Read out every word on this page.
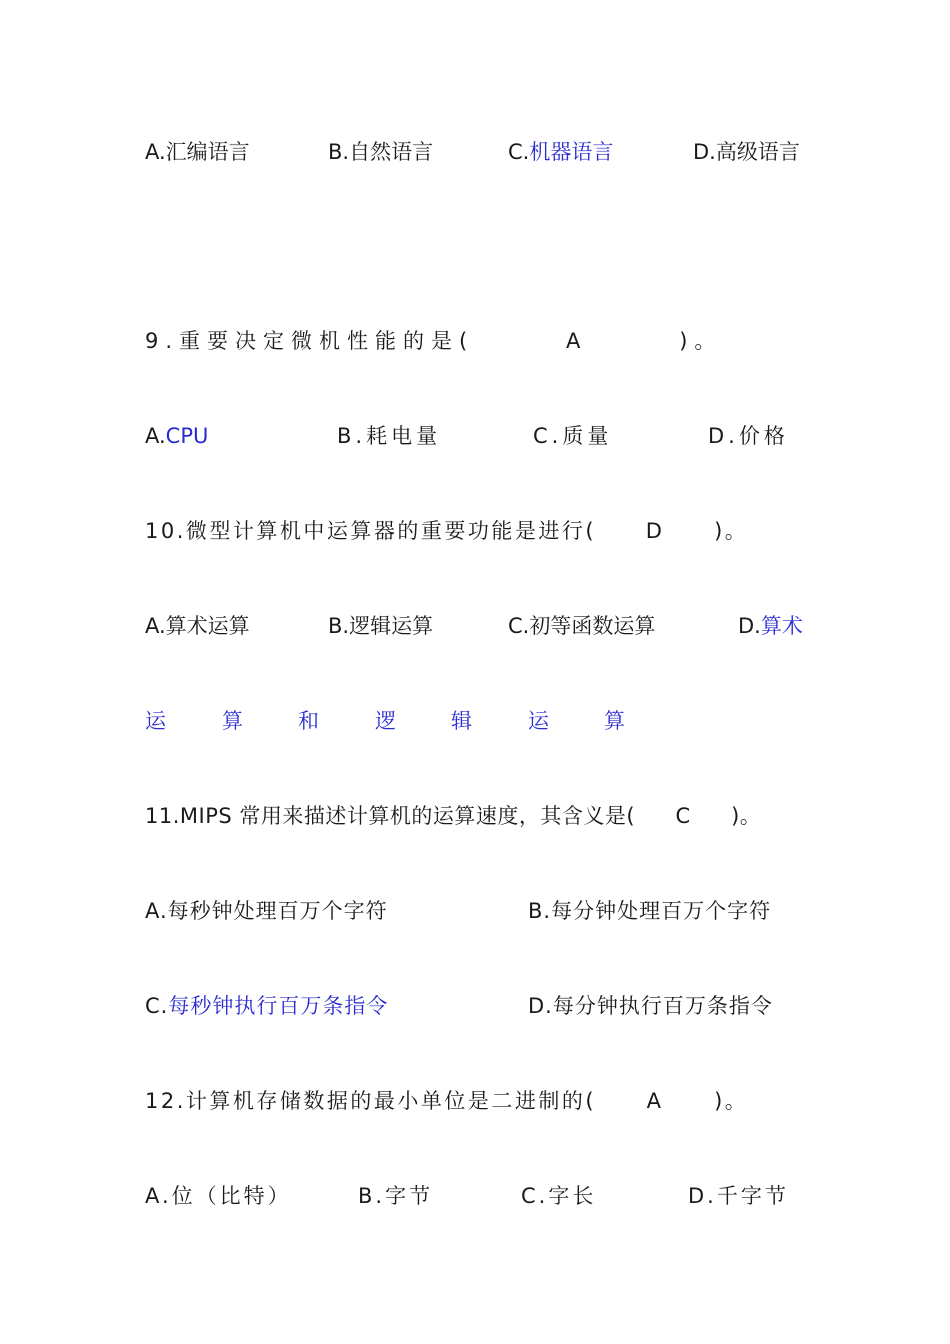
A.汇编语言	B.自然语言	C.机器语言	D.高级语言
9.重要决定微机性能的是(	A	)。
A.CPU	B.耗电量	C.质量	D.价格
10.微型计算机中运算器的重要功能是进行( D )。
A.算术运算	B.逻辑运算	C.初等函数运算	D.算术
运	算	和	逻	辑	运	算
11.MIPS 常用来描述计算机的运算速度，其含义是( C )。
A.每秒钟处理百万个字符	B.每分钟处理百万个字符
C.每秒钟执行百万条指令	D.每分钟执行百万条指令
12.计算机存储数据的最小单位是二进制的( A )。
A.位（比特）	B.字节	C.字长	D.千字节
